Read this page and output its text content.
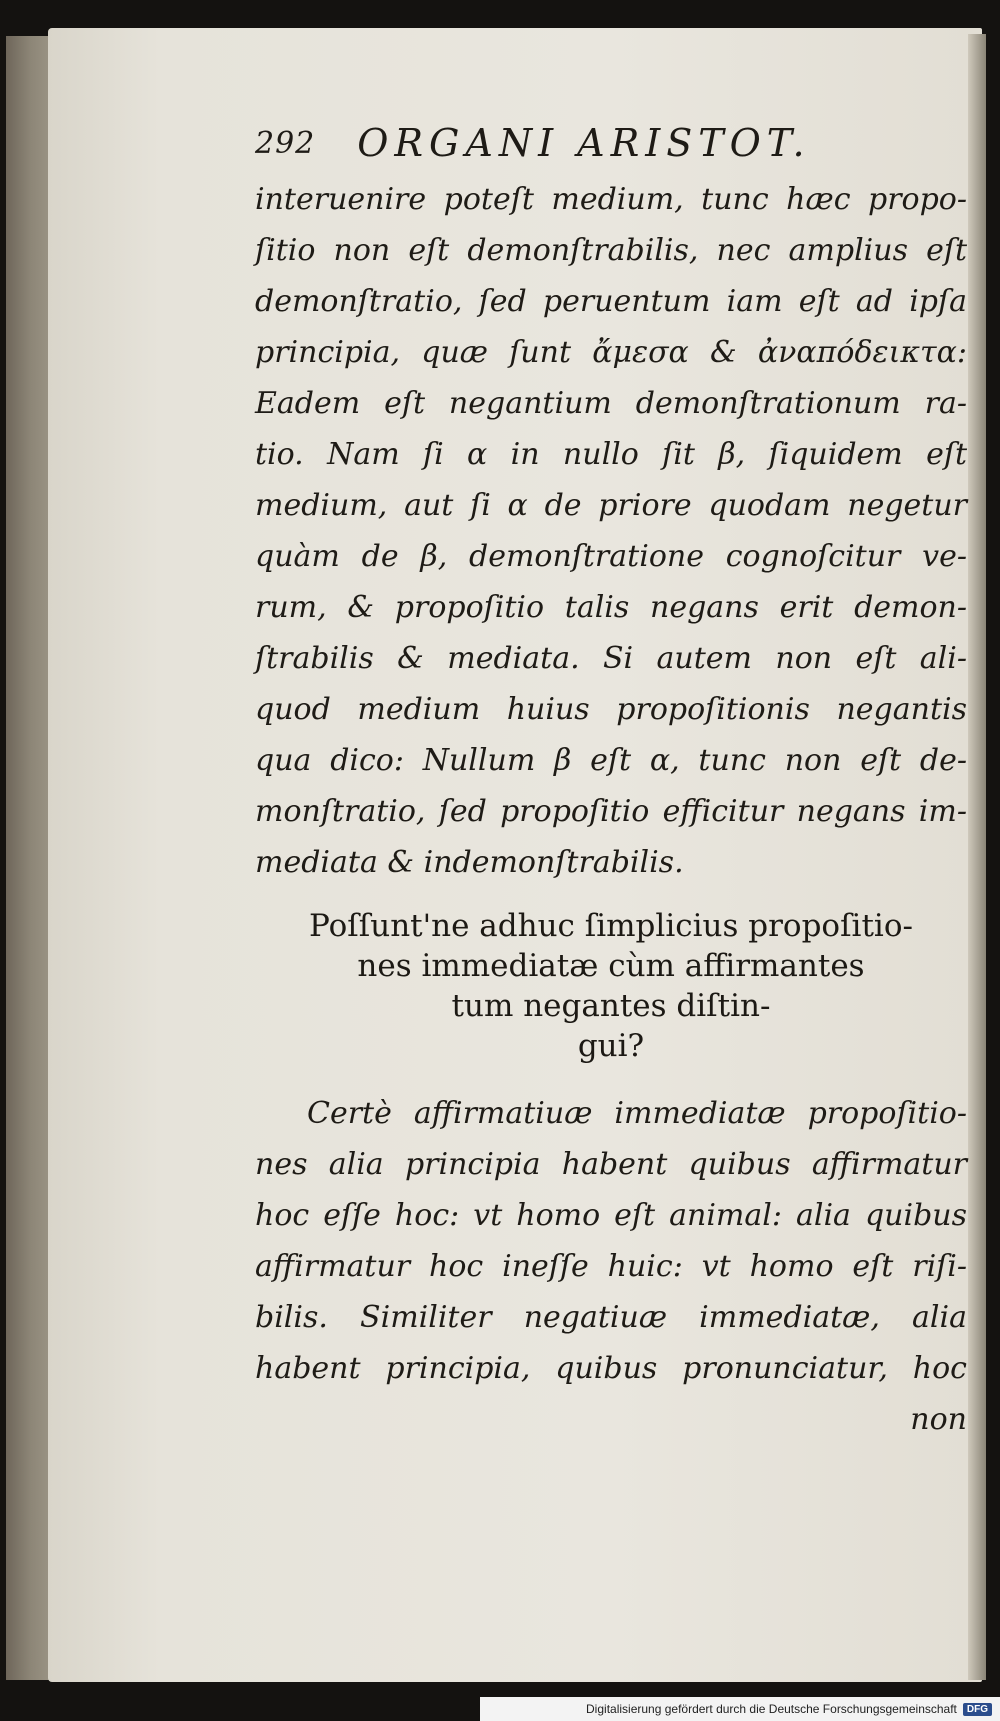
292 ORGANI ARISTOT.
interuenire poteſt medium, tunc hæc propo-
ſitio non eſt demonſtrabilis, nec amplius eſt
demonſtratio, ſed peruentum iam eſt ad ipſa
principia, quæ ſunt ἄμεσα & ἀναπόδεικτα:
Eadem eſt negantium demonſtrationum ra-
tio. Nam ſi α in nullo ſit β, ſiquidem eſt
medium, aut ſi α de priore quodam negetur
quàm de β, demonſtratione cognoſcitur ve-
rum, & propoſitio talis negans erit demon-
ſtrabilis & mediata. Si autem non eſt ali-
quod medium huius propoſitionis negantis
qua dico: Nullum β eſt α, tunc non eſt de-
monſtratio, ſed propoſitio efficitur negans im-
mediata & indemonſtrabilis.
Poſſunt'ne adhuc ſimplicius propoſitio-
nes immediatæ cùm affirmantes
tum negantes diſtin-
gui?
Certè affirmatiuæ immediatæ propoſitio-
nes alia principia habent quibus affirmatur
hoc eſſe hoc: vt homo eſt animal: alia quibus
affirmatur hoc ineſſe huic: vt homo eſt riſi-
bilis. Similiter negatiuæ immediatæ, alia
habent principia, quibus pronunciatur, hoc
non
Digitalisierung gefördert durch die Deutsche Forschungsgemeinschaft	DFG
